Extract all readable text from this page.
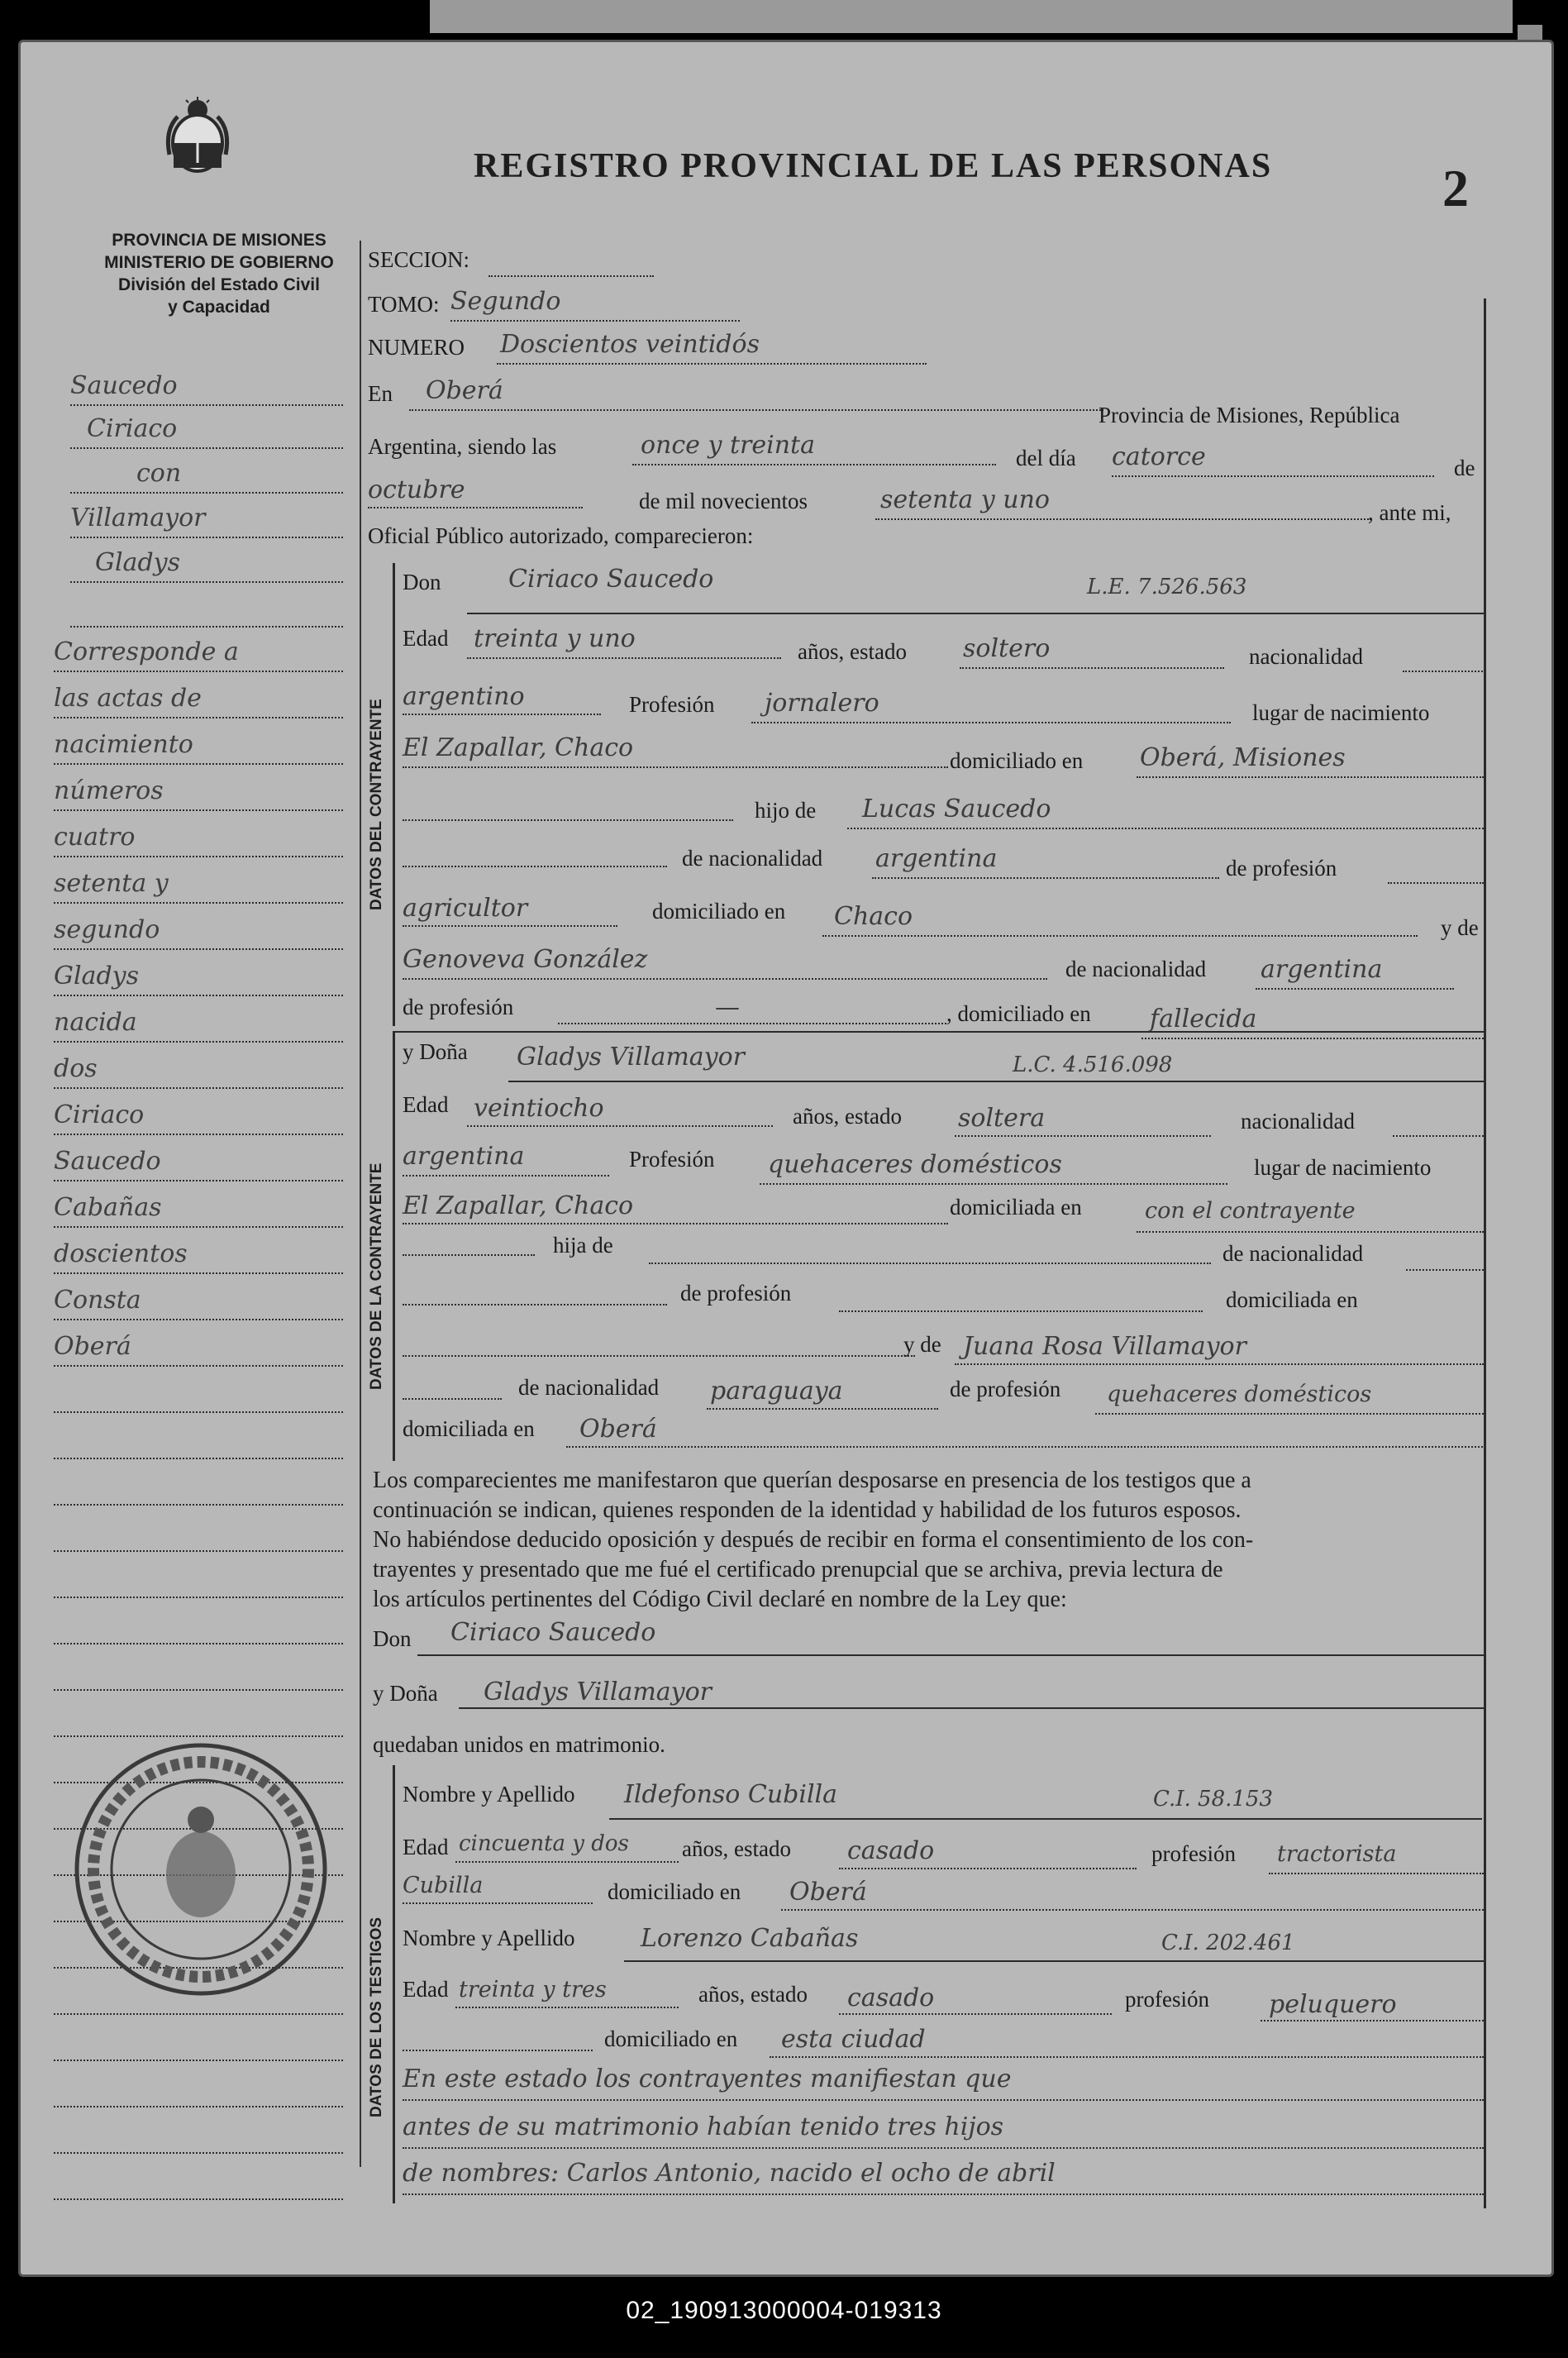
PROVINCIA DE MISIONES
MINISTERIO DE GOBIERNO
División del Estado Civil
y Capacidad
REGISTRO PROVINCIAL DE LAS PERSONAS	2
Saucedo
Ciriaco
con
Villamayor
Gladys
Corresponde a
las actas de
nacimiento
números
cuatro
setenta y
segundo
Gladys
nacida
dos
Ciriaco
Saucedo
Cabañas
doscientos
Consta
Oberá
SECCION:
TOMO: Segundo
NUMERO Doscientos veintidós
En Oberá
Provincia de Misiones, República
Argentina, siendo las	once y treinta	del día catorce	de
octubre	de mil novecientos	setenta y uno	, ante mi,
Oficial Público autorizado, comparecieron:
DATOS DEL CONTRAYENTE
Don	Ciriaco Saucedo	L.E. 7.526.563
Edad treinta y uno	años, estado soltero	nacionalidad
argentino	Profesión jornalero	lugar de nacimiento
El Zapallar, Chaco	domiciliado en Oberá, Misiones
hijo de Lucas Saucedo
de nacionalidad argentina	de profesión
agricultor	domiciliado en Chaco	y de
Genoveva González	de nacionalidad argentina
de profesión	—	, domiciliado en fallecida
DATOS DE LA CONTRAYENTE
y Doña Gladys Villamayor	L.C. 4.516.098
Edad veintiocho	años, estado soltera	nacionalidad
argentina	Profesión quehaceres domésticos	lugar de nacimiento
El Zapallar, Chaco	domiciliada en	con el contrayente
hija de	de nacionalidad
de profesión	domiciliada en
y de Juana Rosa Villamayor
de nacionalidad paraguaya	de profesión quehaceres domésticos
domiciliada en Oberá
Los comparecientes me manifestaron que querían desposarse en presencia de los testigos que a
continuación se indican, quienes responden de la identidad y habilidad de los futuros esposos.
No habiéndose deducido oposición y después de recibir en forma el consentimiento de los con-
trayentes y presentado que me fué el certificado prenupcial que se archiva, previa lectura de
los artículos pertinentes del Código Civil declaré en nombre de la Ley que:
Don Ciriaco Saucedo
y Doña Gladys Villamayor
quedaban unidos en matrimonio.
DATOS DE LOS TESTIGOS
Nombre y Apellido Ildefonso Cubilla	C.I. 58.153
Edad cincuenta y dos años, estado casado	profesión tractorista
Cubilla	domiciliado en Oberá
Nombre y Apellido	Lorenzo Cabañas	C.I. 202.461
Edad treinta y tres	años, estado casado	profesión peluquero
domiciliado en esta ciudad
En este estado los contrayentes manifiestan que
antes de su matrimonio habían tenido tres hijos
de nombres: Carlos Antonio, nacido el ocho de abril
02_190913000004-019313
